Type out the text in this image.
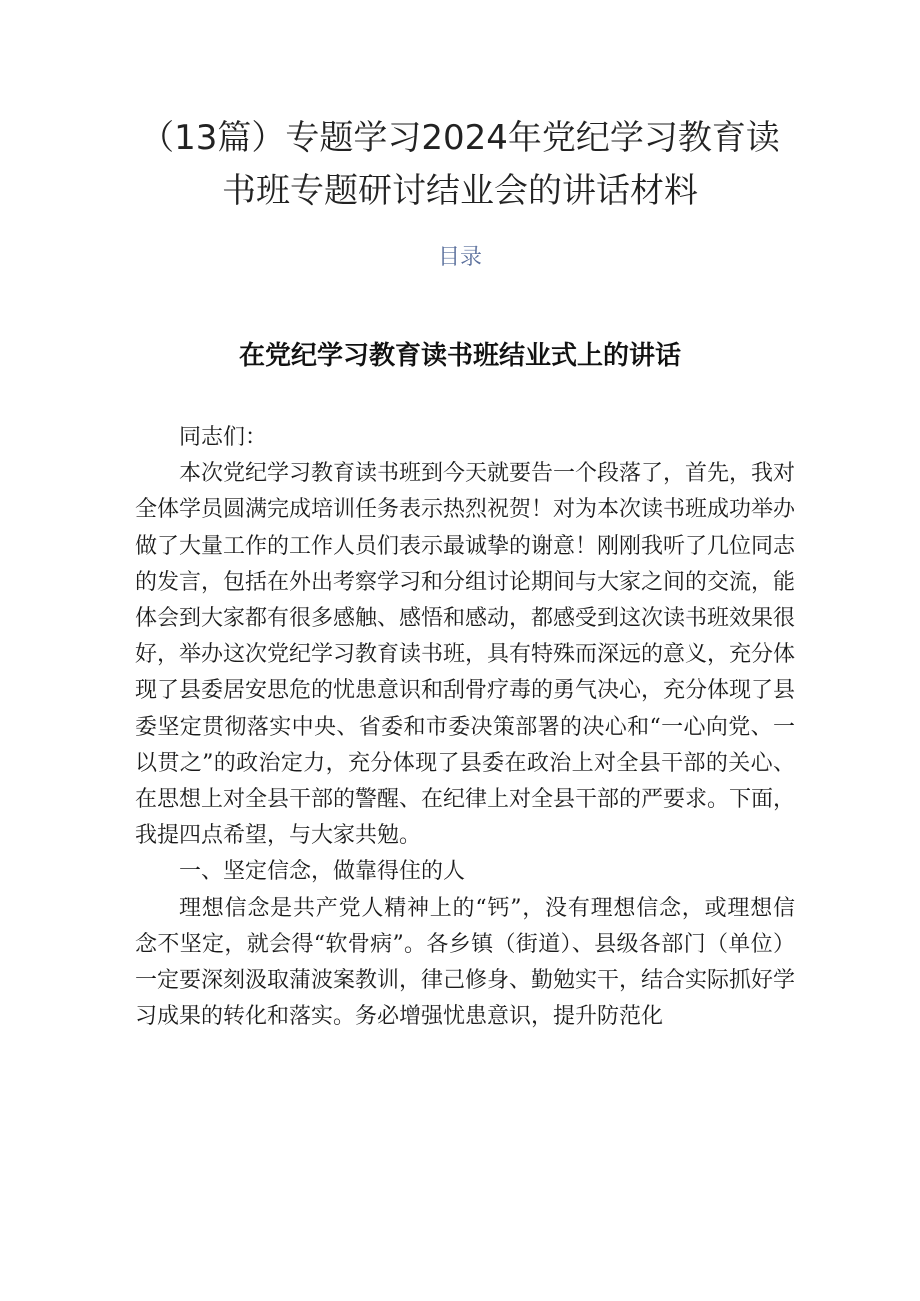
（13篇）专题学习2024年党纪学习教育读
书班专题研讨结业会的讲话材料
目录
在党纪学习教育读书班结业式上的讲话

同志们：

本次党纪学习教育读书班到今天就要告一个段落了，首先，我对全体学员圆满完成培训任务表示热烈祝贺！对为本次读书班成功举办做了大量工作的工作人员们表示最诚挚的谢意！刚刚我听了几位同志的发言，包括在外出考察学习和分组讨论期间与大家之间的交流，能体会到大家都有很多感触、感悟和感动，都感受到这次读书班效果很好，举办这次党纪学习教育读书班，具有特殊而深远的意义，充分体现了县委居安思危的忧患意识和刮骨疗毒的勇气决心，充分体现了县委坚定贯彻落实中央、省委和市委决策部署的决心和“一心向党、一以贯之”的政治定力，充分体现了县委在政治上对全县干部的关心、在思想上对全县干部的警醒、在纪律上对全县干部的严要求。下面，我提四点希望，与大家共勉。

一、坚定信念，做靠得住的人

理想信念是共产党人精神上的“钙”，没有理想信念，或理想信念不坚定，就会得“软骨病”。各乡镇（街道）、县级各部门（单位）一定要深刻汲取蒲波案教训，律己修身、勤勉实干，结合实际抓好学习成果的转化和落实。务必增强忧患意识，提升防范化
